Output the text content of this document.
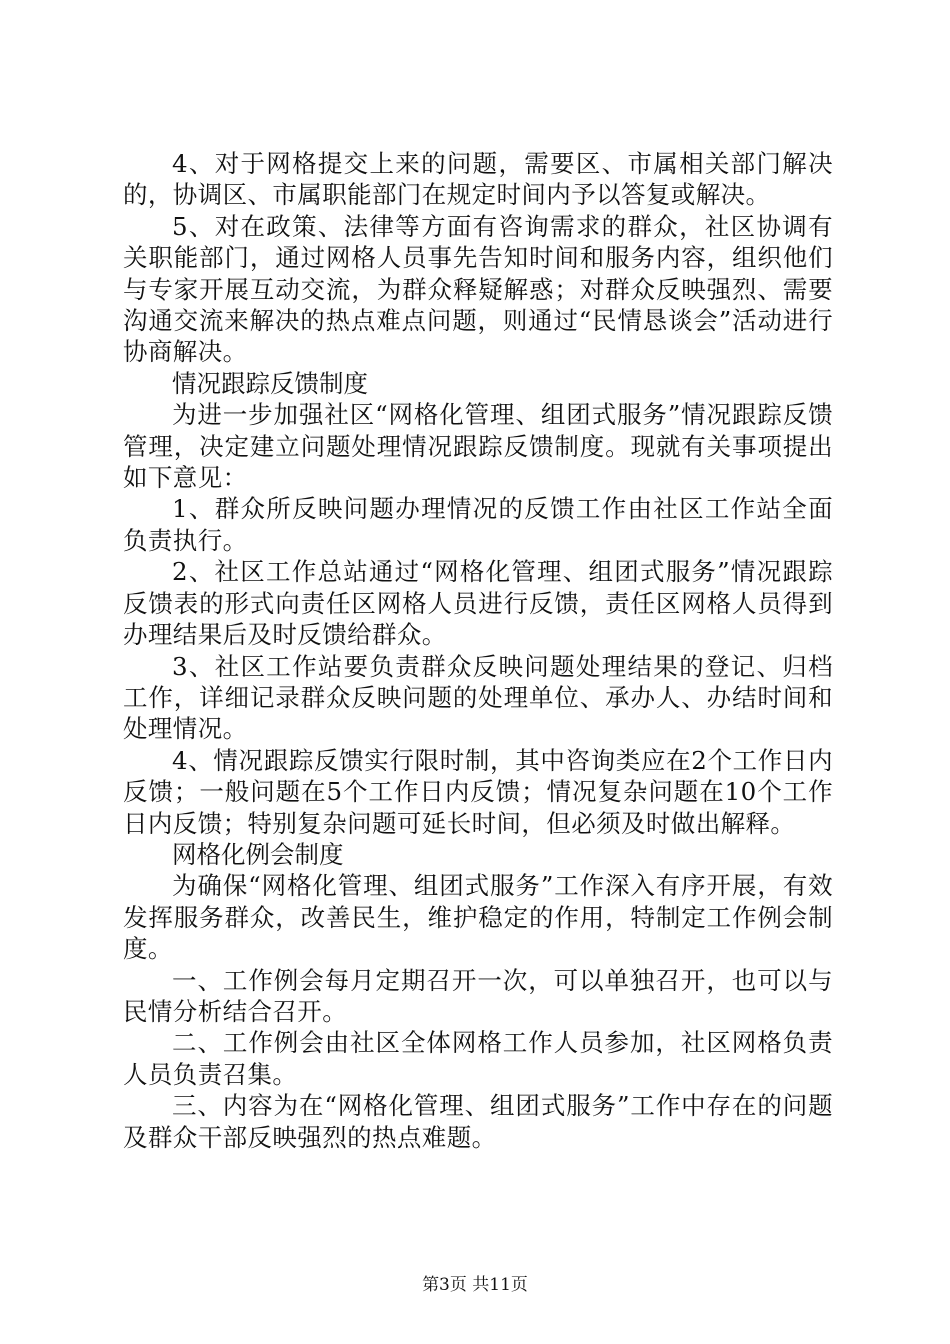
4、对于网格提交上来的问题，需要区、市属相关部门解决的，协调区、市属职能部门在规定时间内予以答复或解决。

5、对在政策、法律等方面有咨询需求的群众，社区协调有关职能部门，通过网格人员事先告知时间和服务内容，组织他们与专家开展互动交流，为群众释疑解惑；对群众反映强烈、需要沟通交流来解决的热点难点问题，则通过“民情恳谈会”活动进行协商解决。

情况跟踪反馈制度

为进一步加强社区“网格化管理、组团式服务”情况跟踪反馈管理，决定建立问题处理情况跟踪反馈制度。现就有关事项提出如下意见：

1、群众所反映问题办理情况的反馈工作由社区工作站全面负责执行。

2、社区工作总站通过“网格化管理、组团式服务”情况跟踪反馈表的形式向责任区网格人员进行反馈，责任区网格人员得到办理结果后及时反馈给群众。

3、社区工作站要负责群众反映问题处理结果的登记、归档工作，详细记录群众反映问题的处理单位、承办人、办结时间和处理情况。

4、情况跟踪反馈实行限时制，其中咨询类应在2个工作日内反馈；一般问题在5个工作日内反馈；情况复杂问题在10个工作日内反馈；特别复杂问题可延长时间，但必须及时做出解释。

网格化例会制度

为确保“网格化管理、组团式服务”工作深入有序开展，有效发挥服务群众，改善民生，维护稳定的作用，特制定工作例会制度。

一、工作例会每月定期召开一次，可以单独召开，也可以与民情分析结合召开。

二、工作例会由社区全体网格工作人员参加，社区网格负责人员负责召集。

三、内容为在“网格化管理、组团式服务”工作中存在的问题及群众干部反映强烈的热点难题。

第3页 共11页
